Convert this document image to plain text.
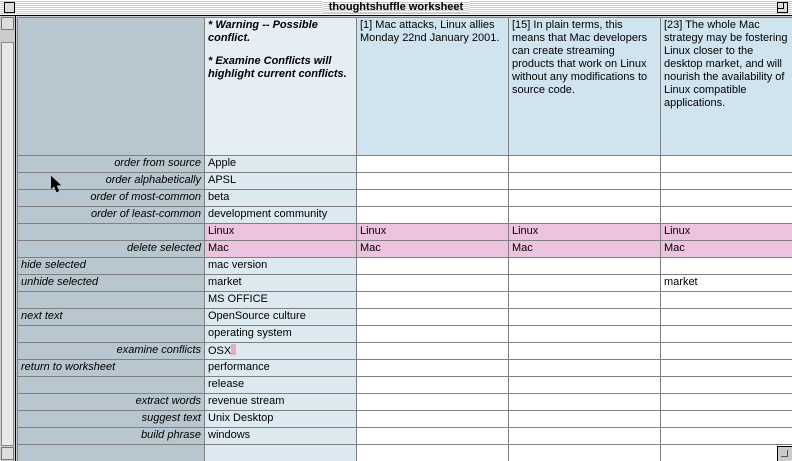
thoughtshuffle worksheet

	* Warning -- Possible conflict.

* Examine Conflicts will highlight current conflicts.	[1] Mac attacks, Linux allies Monday 22nd January 2001.	[15] In plain terms, this means that Mac developers can create streaming products that work on Linux without any modifications to source code.	[23] The whole Mac strategy may be fostering Linux closer to the desktop market, and will nourish the availability of Linux compatible applications.

order from source	Apple			
order alphabetically	APSL			
order of most-common	beta			
order of least-common	development community			
	Linux	Linux	Linux	Linux
delete selected	Mac	Mac	Mac	Mac
hide selected	mac version			
unhide selected	market			market
	MS OFFICE			
next text	OpenSource culture			
	operating system			
examine conflicts	OSX			
return to worksheet	performance			
	release			
extract words	revenue stream			
suggest text	Unix Desktop			
build phrase	windows			
